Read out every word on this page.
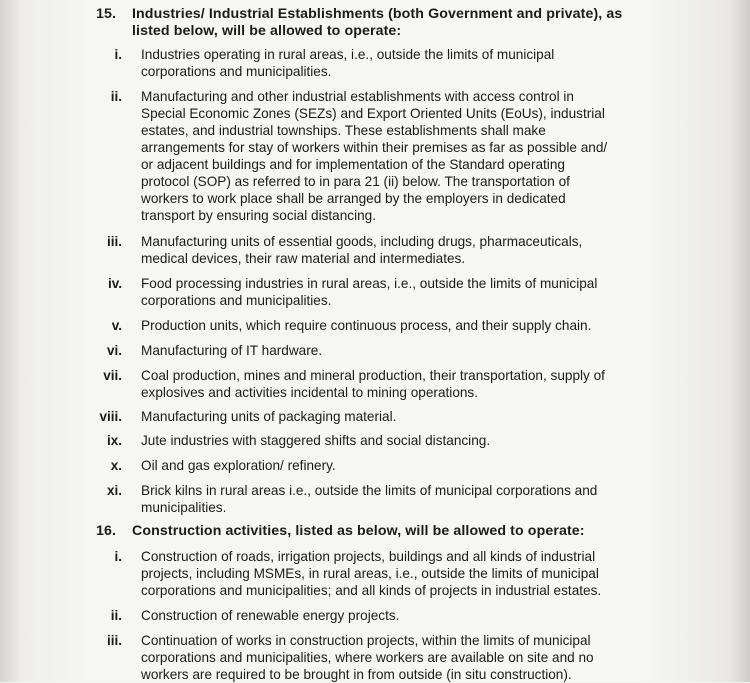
15. Industries/ Industrial Establishments (both Government and private), as
listed below, will be allowed to operate:
i. Industries operating in rural areas, i.e., outside the limits of municipal
corporations and municipalities.
ii. Manufacturing and other industrial establishments with access control in
Special Economic Zones (SEZs) and Export Oriented Units (EoUs), industrial
estates, and industrial townships. These establishments shall make
arrangements for stay of workers within their premises as far as possible and/
or adjacent buildings and for implementation of the Standard operating
protocol (SOP) as referred to in para 21 (ii) below. The transportation of
workers to work place shall be arranged by the employers in dedicated
transport by ensuring social distancing.
iii. Manufacturing units of essential goods, including drugs, pharmaceuticals,
medical devices, their raw material and intermediates.
iv. Food processing industries in rural areas, i.e., outside the limits of municipal
corporations and municipalities.
v. Production units, which require continuous process, and their supply chain.
vi. Manufacturing of IT hardware.
vii. Coal production, mines and mineral production, their transportation, supply of
explosives and activities incidental to mining operations.
viii. Manufacturing units of packaging material.
ix. Jute industries with staggered shifts and social distancing.
x. Oil and gas exploration/ refinery.
xi. Brick kilns in rural areas i.e., outside the limits of municipal corporations and
municipalities.
16. Construction activities, listed as below, will be allowed to operate:
i. Construction of roads, irrigation projects, buildings and all kinds of industrial
projects, including MSMEs, in rural areas, i.e., outside the limits of municipal
corporations and municipalities; and all kinds of projects in industrial estates.
ii. Construction of renewable energy projects.
iii. Continuation of works in construction projects, within the limits of municipal
corporations and municipalities, where workers are available on site and no
workers are required to be brought in from outside (in situ construction).
